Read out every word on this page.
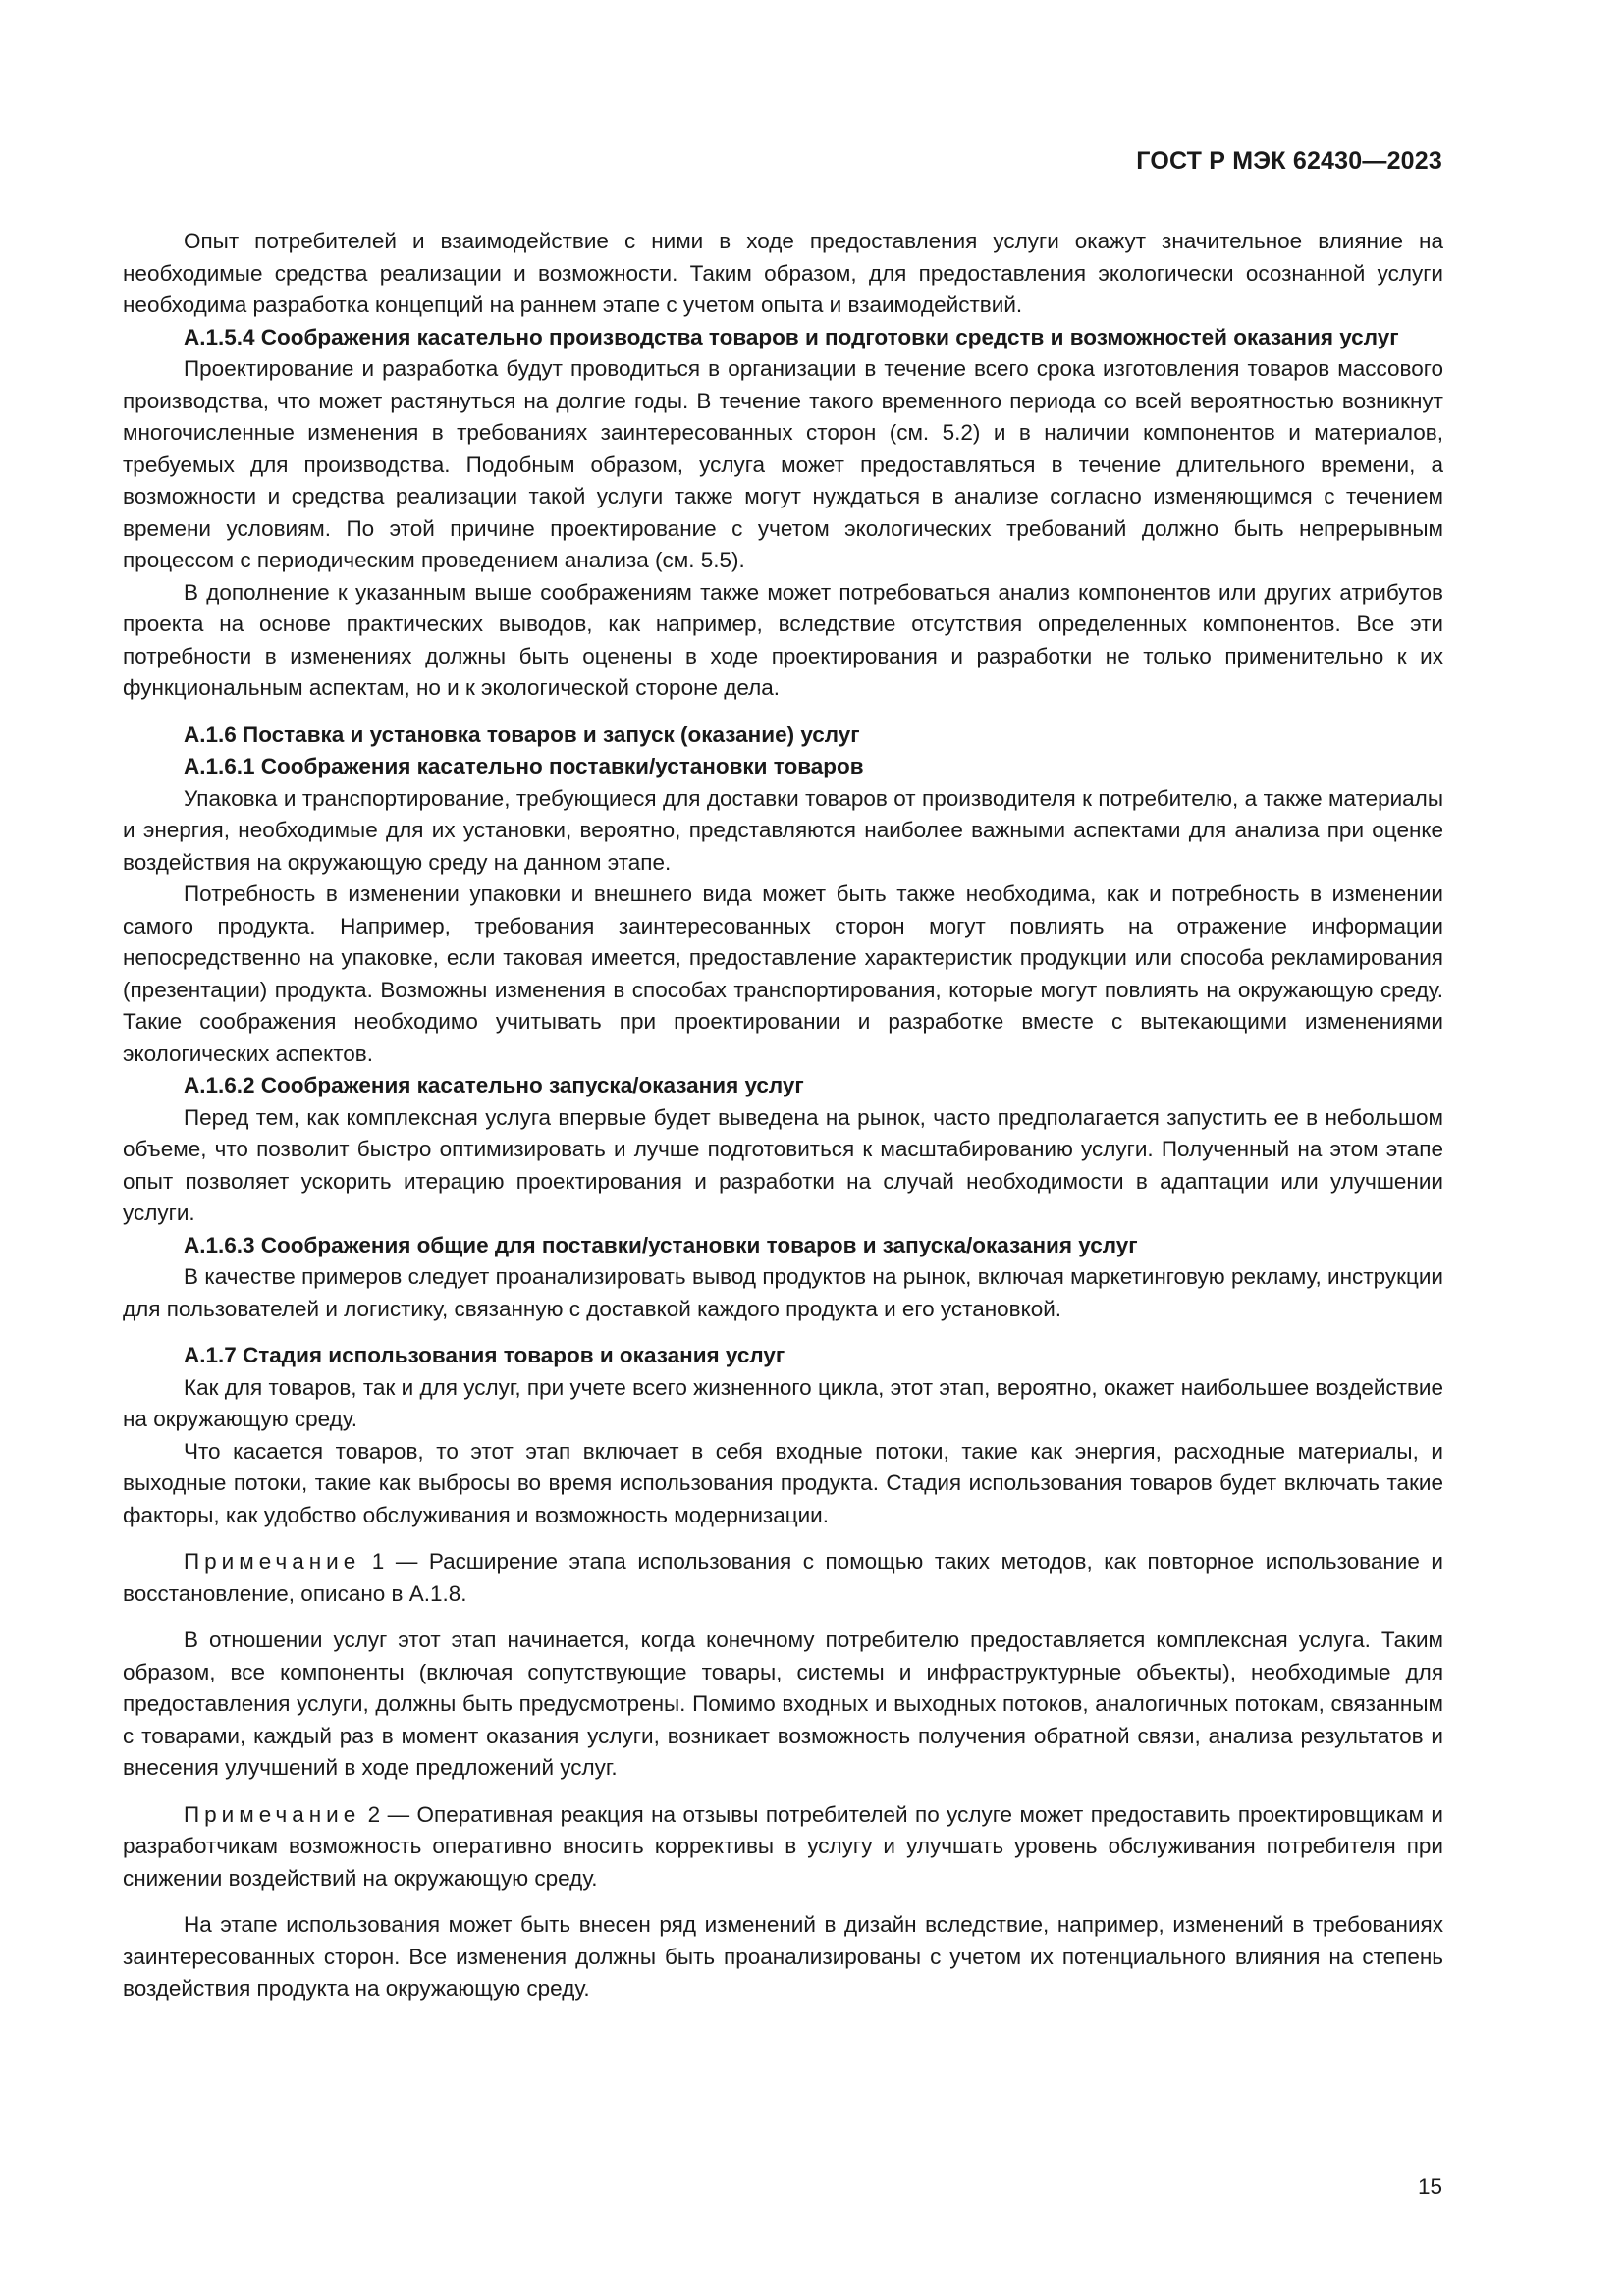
ГОСТ Р МЭК 62430—2023

Опыт потребителей и взаимодействие с ними в ходе предоставления услуги окажут значительное влияние на необходимые средства реализации и возможности. Таким образом, для предоставления экологически осознанной услуги необходима разработка концепций на раннем этапе с учетом опыта и взаимодействий.

А.1.5.4 Соображения касательно производства товаров и подготовки средств и возможностей оказания услуг

Проектирование и разработка будут проводиться в организации в течение всего срока изготовления товаров массового производства, что может растянуться на долгие годы. В течение такого временного периода со всей вероятностью возникнут многочисленные изменения в требованиях заинтересованных сторон (см. 5.2) и в наличии компонентов и материалов, требуемых для производства. Подобным образом, услуга может предоставляться в течение длительного времени, а возможности и средства реализации такой услуги также могут нуждаться в анализе согласно изменяющимся с течением времени условиям. По этой причине проектирование с учетом экологических требований должно быть непрерывным процессом с периодическим проведением анализа (см. 5.5).

В дополнение к указанным выше соображениям также может потребоваться анализ компонентов или других атрибутов проекта на основе практических выводов, как например, вследствие отсутствия определенных компонентов. Все эти потребности в изменениях должны быть оценены в ходе проектирования и разработки не только применительно к их функциональным аспектам, но и к экологической стороне дела.

А.1.6 Поставка и установка товаров и запуск (оказание) услуг
А.1.6.1 Соображения касательно поставки/установки товаров

Упаковка и транспортирование, требующиеся для доставки товаров от производителя к потребителю, а также материалы и энергия, необходимые для их установки, вероятно, представляются наиболее важными аспектами для анализа при оценке воздействия на окружающую среду на данном этапе.

Потребность в изменении упаковки и внешнего вида может быть также необходима, как и потребность в изменении самого продукта. Например, требования заинтересованных сторон могут повлиять на отражение информации непосредственно на упаковке, если таковая имеется, предоставление характеристик продукции или способа рекламирования (презентации) продукта. Возможны изменения в способах транспортирования, которые могут повлиять на окружающую среду. Такие соображения необходимо учитывать при проектировании и разработке вместе с вытекающими изменениями экологических аспектов.

А.1.6.2 Соображения касательно запуска/оказания услуг

Перед тем, как комплексная услуга впервые будет выведена на рынок, часто предполагается запустить ее в небольшом объеме, что позволит быстро оптимизировать и лучше подготовиться к масштабированию услуги. Полученный на этом этапе опыт позволяет ускорить итерацию проектирования и разработки на случай необходимости в адаптации или улучшении услуги.

А.1.6.3 Соображения общие для поставки/установки товаров и запуска/оказания услуг

В качестве примеров следует проанализировать вывод продуктов на рынок, включая маркетинговую рекламу, инструкции для пользователей и логистику, связанную с доставкой каждого продукта и его установкой.

А.1.7 Стадия использования товаров и оказания услуг

Как для товаров, так и для услуг, при учете всего жизненного цикла, этот этап, вероятно, окажет наибольшее воздействие на окружающую среду.

Что касается товаров, то этот этап включает в себя входные потоки, такие как энергия, расходные материалы, и выходные потоки, такие как выбросы во время использования продукта. Стадия использования товаров будет включать такие факторы, как удобство обслуживания и возможность модернизации.

Примечание 1 — Расширение этапа использования с помощью таких методов, как повторное использование и восстановление, описано в А.1.8.

В отношении услуг этот этап начинается, когда конечному потребителю предоставляется комплексная услуга. Таким образом, все компоненты (включая сопутствующие товары, системы и инфраструктурные объекты), необходимые для предоставления услуги, должны быть предусмотрены. Помимо входных и выходных потоков, аналогичных потокам, связанным с товарами, каждый раз в момент оказания услуги, возникает возможность получения обратной связи, анализа результатов и внесения улучшений в ходе предложений услуг.

Примечание 2 — Оперативная реакция на отзывы потребителей по услуге может предоставить проектировщикам и разработчикам возможность оперативно вносить коррективы в услугу и улучшать уровень обслуживания потребителя при снижении воздействий на окружающую среду.

На этапе использования может быть внесен ряд изменений в дизайн вследствие, например, изменений в требованиях заинтересованных сторон. Все изменения должны быть проанализированы с учетом их потенциального влияния на степень воздействия продукта на окружающую среду.

15
